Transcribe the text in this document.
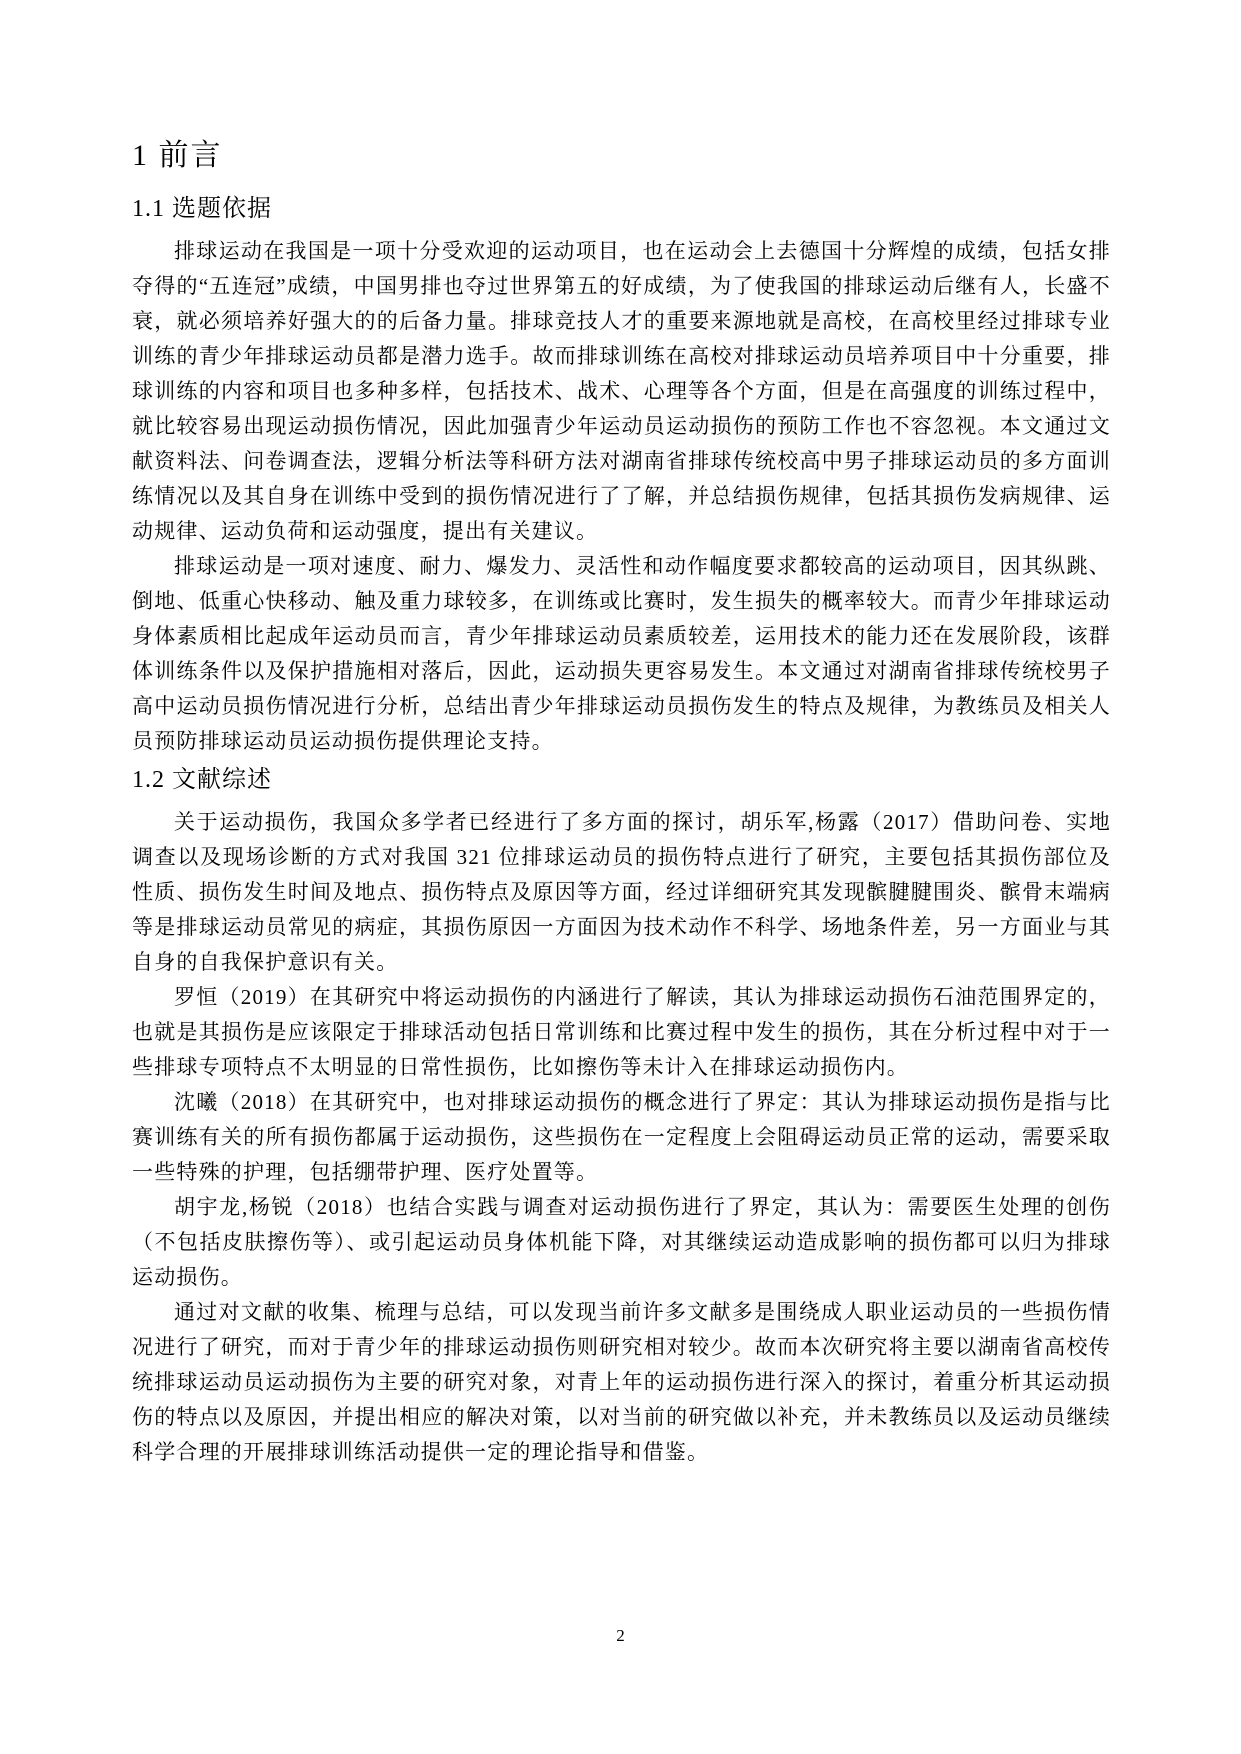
1 前言
1.1 选题依据

排球运动在我国是一项十分受欢迎的运动项目，也在运动会上去德国十分辉煌的成绩，包括女排夺得的“五连冠”成绩，中国男排也夺过世界第五的好成绩，为了使我国的排球运动后继有人，长盛不衰，就必须培养好强大的的后备力量。排球竞技人才的重要来源地就是高校，在高校里经过排球专业训练的青少年排球运动员都是潜力选手。故而排球训练在高校对排球运动员培养项目中十分重要，排球训练的内容和项目也多种多样，包括技术、战术、心理等各个方面，但是在高强度的训练过程中，就比较容易出现运动损伤情况，因此加强青少年运动员运动损伤的预防工作也不容忽视。本文通过文献资料法、问卷调查法，逻辑分析法等科研方法对湖南省排球传统校高中男子排球运动员的多方面训练情况以及其自身在训练中受到的损伤情况进行了了解，并总结损伤规律，包括其损伤发病规律、运动规律、运动负荷和运动强度，提出有关建议。

排球运动是一项对速度、耐力、爆发力、灵活性和动作幅度要求都较高的运动项目，因其纵跳、倒地、低重心快移动、触及重力球较多，在训练或比赛时，发生损失的概率较大。而青少年排球运动身体素质相比起成年运动员而言，青少年排球运动员素质较差，运用技术的能力还在发展阶段，该群体训练条件以及保护措施相对落后，因此，运动损失更容易发生。本文通过对湖南省排球传统校男子高中运动员损伤情况进行分析，总结出青少年排球运动员损伤发生的特点及规律，为教练员及相关人员预防排球运动员运动损伤提供理论支持。

1.2 文献综述

关于运动损伤，我国众多学者已经进行了多方面的探讨，胡乐军,杨露（2017）借助问卷、实地调查以及现场诊断的方式对我国 321 位排球运动员的损伤特点进行了研究，主要包括其损伤部位及性质、损伤发生时间及地点、损伤特点及原因等方面，经过详细研究其发现髌腱腱围炎、髌骨末端病等是排球运动员常见的病症，其损伤原因一方面因为技术动作不科学、场地条件差，另一方面业与其自身的自我保护意识有关。

罗恒（2019）在其研究中将运动损伤的内涵进行了解读，其认为排球运动损伤石油范围界定的，也就是其损伤是应该限定于排球活动包括日常训练和比赛过程中发生的损伤，其在分析过程中对于一些排球专项特点不太明显的日常性损伤，比如擦伤等未计入在排球运动损伤内。

沈曦（2018）在其研究中，也对排球运动损伤的概念进行了界定：其认为排球运动损伤是指与比赛训练有关的所有损伤都属于运动损伤，这些损伤在一定程度上会阻碍运动员正常的运动，需要采取一些特殊的护理，包括绷带护理、医疗处置等。

胡宇龙,杨锐（2018）也结合实践与调查对运动损伤进行了界定，其认为：需要医生处理的创伤（不包括皮肤擦伤等）、或引起运动员身体机能下降，对其继续运动造成影响的损伤都可以归为排球运动损伤。

通过对文献的收集、梳理与总结，可以发现当前许多文献多是围绕成人职业运动员的一些损伤情况进行了研究，而对于青少年的排球运动损伤则研究相对较少。故而本次研究将主要以湖南省高校传统排球运动员运动损伤为主要的研究对象，对青上年的运动损伤进行深入的探讨，着重分析其运动损伤的特点以及原因，并提出相应的解决对策，以对当前的研究做以补充，并未教练员以及运动员继续科学合理的开展排球训练活动提供一定的理论指导和借鉴。

2
